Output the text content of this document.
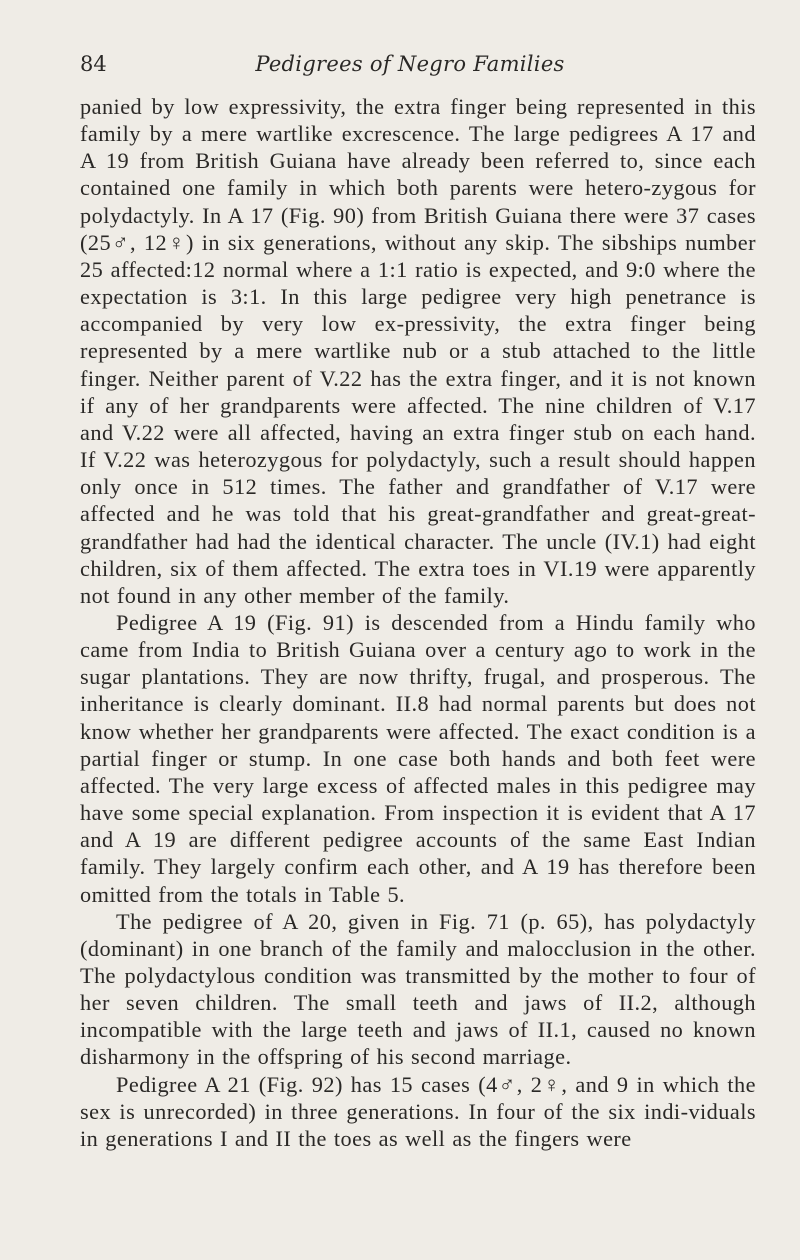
84	Pedigrees of Negro Families

panied by low expressivity, the extra finger being represented in this family by a mere wartlike excrescence. The large pedigrees A 17 and A 19 from British Guiana have already been referred to, since each contained one family in which both parents were hetero-zygous for polydactyly. In A 17 (Fig. 90) from British Guiana there were 37 cases (25♂, 12♀) in six generations, without any skip. The sibships number 25 affected:12 normal where a 1:1 ratio is expected, and 9:0 where the expectation is 3:1. In this large pedigree very high penetrance is accompanied by very low ex-pressivity, the extra finger being represented by a mere wartlike nub or a stub attached to the little finger. Neither parent of V.22 has the extra finger, and it is not known if any of her grandparents were affected. The nine children of V.17 and V.22 were all affected, having an extra finger stub on each hand. If V.22 was heterozygous for polydactyly, such a result should happen only once in 512 times. The father and grandfather of V.17 were affected and he was told that his great-grandfather and great-great-grandfather had had the identical character. The uncle (IV.1) had eight children, six of them affected. The extra toes in VI.19 were apparently not found in any other member of the family.

Pedigree A 19 (Fig. 91) is descended from a Hindu family who came from India to British Guiana over a century ago to work in the sugar plantations. They are now thrifty, frugal, and prosperous. The inheritance is clearly dominant. II.8 had normal parents but does not know whether her grandparents were affected. The exact condition is a partial finger or stump. In one case both hands and both feet were affected. The very large excess of affected males in this pedigree may have some special explanation. From inspection it is evident that A 17 and A 19 are different pedigree accounts of the same East Indian family. They largely confirm each other, and A 19 has therefore been omitted from the totals in Table 5.

The pedigree of A 20, given in Fig. 71 (p. 65), has polydactyly (dominant) in one branch of the family and malocclusion in the other. The polydactylous condition was transmitted by the mother to four of her seven children. The small teeth and jaws of II.2, although incompatible with the large teeth and jaws of II.1, caused no known disharmony in the offspring of his second marriage.

Pedigree A 21 (Fig. 92) has 15 cases (4♂, 2♀, and 9 in which the sex is unrecorded) in three generations. In four of the six indi-viduals in generations I and II the toes as well as the fingers were
